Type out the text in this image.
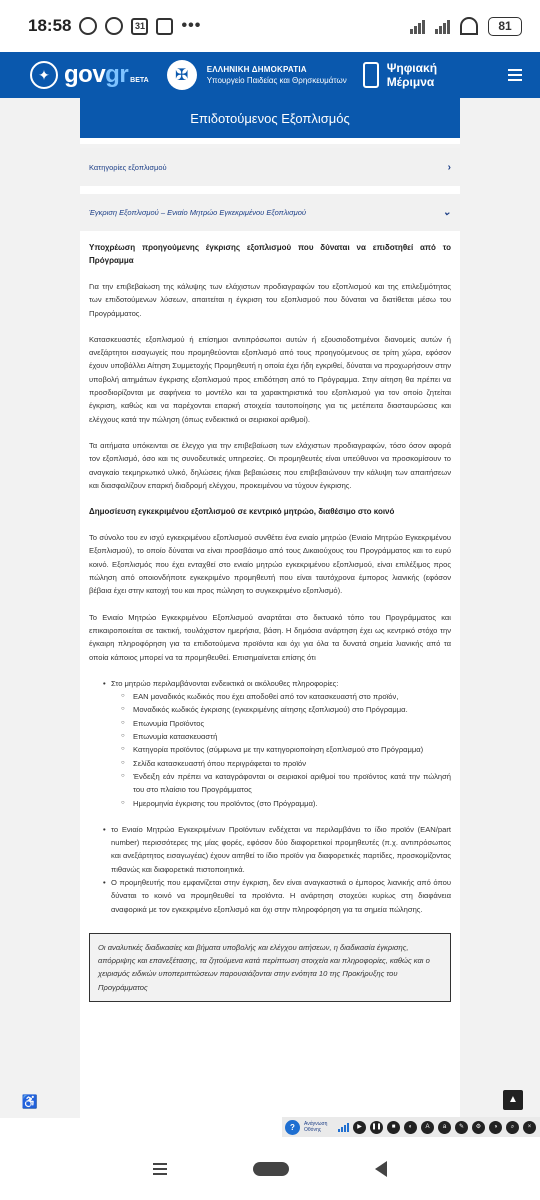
18:58	31 •••	81
✦ govgr BETA	✠	ΕΛΛΗΝΙΚΗ ΔΗΜΟΚΡΑΤΙΑ
Υπουργείο Παιδείας και Θρησκευμάτων
Ψηφιακή
Μέριμνα
Επιδοτούμενος Εξοπλισμός
Κατηγορίες εξοπλισμού	›
Έγκριση Εξοπλισμού – Ενιαίο Μητρώο Εγκεκριμένου Εξοπλισμού	⌄
Υποχρέωση προηγούμενης έγκρισης εξοπλισμού που δύναται να επιδοτηθεί από το Πρόγραμμα

Για την επιβεβαίωση της κάλυψης των ελάχιστων προδιαγραφών του εξοπλισμού και της επιλεξιμότητας των επιδοτούμενων λύσεων, απαιτείται η έγκριση του εξοπλισμού που δύναται να διατίθεται μέσω του Προγράμματος.

Κατασκευαστές εξοπλισμού ή επίσημοι αντιπρόσωποι αυτών ή εξουσιοδοτημένοι διανομείς αυτών ή ανεξάρτητοι εισαγωγείς που προμηθεύονται εξοπλισμό από τους προηγούμενους σε τρίτη χώρα, εφόσον έχουν υποβάλλει Αίτηση Συμμετοχής Προμηθευτή η οποία έχει ήδη εγκριθεί, δύναται να προχωρήσουν στην υποβολή αιτημάτων έγκρισης εξοπλισμού προς επιδότηση από το Πρόγραμμα. Στην αίτηση θα πρέπει να προσδιορίζονται με σαφήνεια το μοντέλο και τα χαρακτηριστικά του εξοπλισμού για τον οποίο ζητείται έγκριση, καθώς και να παρέχονται επαρκή στοιχεία ταυτοποίησης για τις μετέπειτα διασταυρώσεις και ελέγχους κατά την πώληση (όπως ενδεικτικά οι σειριακοί αριθμοί).

Τα αιτήματα υπόκεινται σε έλεγχο για την επιβεβαίωση των ελάχιστων προδιαγραφών, τόσο όσον αφορά τον εξοπλισμό, όσο και τις συνοδευτικές υπηρεσίες. Οι προμηθευτές είναι υπεύθυνοι να προσκομίσουν το αναγκαίο τεκμηριωτικό υλικό, δηλώσεις ή/και βεβαιώσεις που επιβεβαιώνουν την κάλυψη των απαιτήσεων και διασφαλίζουν επαρκή διαδρομή ελέγχου, προκειμένου να τύχουν έγκρισης.

Δημοσίευση εγκεκριμένου εξοπλισμού σε κεντρικό μητρώο, διαθέσιμο στο κοινό

Το σύνολο του εν ισχύ εγκεκριμένου εξοπλισμού συνθέτει ένα ενιαίο μητρώο (Ενιαίο Μητρώο Εγκεκριμένου Εξοπλισμού), το οποίο δύναται να είναι προσβάσιμο από τους Δικαιούχους του Προγράμματος και το ευρύ κοινό. Εξοπλισμός που έχει ενταχθεί στο ενιαίο μητρώο εγκεκριμένου εξοπλισμού, είναι επιλέξιμος προς πώληση από οποιονδήποτε εγκεκριμένο προμηθευτή που είναι ταυτόχρονα έμπορος λιανικής (εφόσον βέβαια έχει στην κατοχή του και προς πώληση το συγκεκριμένο εξοπλισμό).

Το Ενιαίο Μητρώο Εγκεκριμένου Εξοπλισμού αναρτάται στο δικτυακό τόπο του Προγράμματος και επικαιροποιείται σε τακτική, τουλάχιστον ημερήσια, βάση. Η δημόσια ανάρτηση έχει ως κεντρικό στόχο την έγκαιρη πληροφόρηση για τα επιδοτούμενα προϊόντα και όχι για όλα τα δυνατά σημεία λιανικής από τα οποία κάποιος μπορεί να τα προμηθευθεί. Επισημαίνεται επίσης ότι

• Στο μητρώο περιλαμβάνονται ενδεικτικά οι ακόλουθες πληροφορίες:
○ EAN μοναδικός κωδικός που έχει αποδοθεί από τον κατασκευαστή στο προϊόν,
○ Μοναδικός κωδικός έγκρισης (εγκεκριμένης αίτησης εξοπλισμού) στο Πρόγραμμα.
○ Επωνυμία Προϊόντος
○ Επωνυμία κατασκευαστή
○ Κατηγορία προϊόντος (σύμφωνα με την κατηγοριοποίηση εξοπλισμού στο Πρόγραμμα)
○ Σελίδα κατασκευαστή όπου περιγράφεται το προϊόν
○ Ένδειξη εάν πρέπει να καταγράφονται οι σειριακοί αριθμοί του προϊόντος κατά την πώλησή του στο πλαίσιο του Προγράμματος
○ Ημερομηνία έγκρισης του προϊόντος (στο Πρόγραμμα).
• το Ενιαίο Μητρώο Εγκεκριμένων Προϊόντων ενδέχεται να περιλαμβάνει το ίδιο προϊόν (EAN/part number) περισσότερες της μίας φορές, εφόσον δύο διαφορετικοί προμηθευτές (π.χ. αντιπρόσωπος και ανεξάρτητος εισαγωγέας) έχουν αιτηθεί το ίδιο προϊόν για διαφορετικές παρτίδες, προσκομίζοντας πιθανώς και διαφορετικά πιστοποιητικά.
• Ο προμηθευτής που εμφανίζεται στην έγκριση, δεν είναι αναγκαστικά ο έμπορος λιανικής από όπου δύναται το κοινό να προμηθευθεί τα προϊόντα. Η ανάρτηση στοχεύει κυρίως στη διαφάνεια αναφορικά με τον εγκεκριμένο εξοπλισμό και όχι στην πληροφόρηση για τα σημεία πώλησης.
Οι αναλυτικές διαδικασίες και βήματα υποβολής και ελέγχου αιτήσεων, η διαδικασία έγκρισης, απόρριψης και επανεξέτασης, τα ζητούμενα κατά περίπτωση στοιχεία και πληροφορίες, καθώς και ο χειρισμός ειδικών υποπεριπτώσεων παρουσιάζονται στην ενότητα 10 της Προκήρυξης του Προγράμματος
♿	▲
?	Ανάγνωση Οθόνης
▶	❚❚	■	◐	A	a	✎	⚙	◑	⌕	×
